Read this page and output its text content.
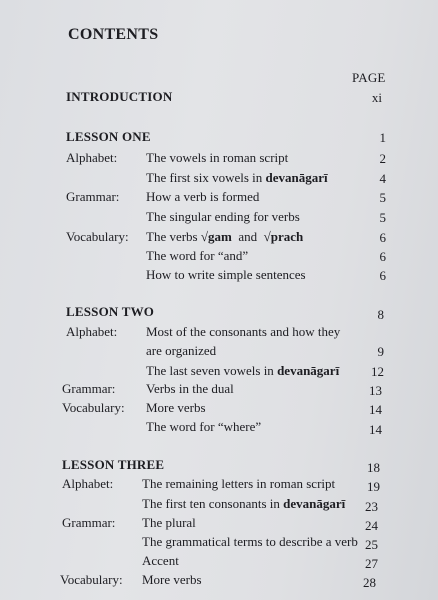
CONTENTS
PAGE
INTRODUCTION	xi
LESSON ONE	1
Alphabet: The vowels in roman script	2
The first six vowels in devanāgarī	4
Grammar: How a verb is formed	5
The singular ending for verbs	5
Vocabulary: The verbs √gam and √prach	6
The word for “and”	6
How to write simple sentences	6
LESSON TWO	8
Alphabet: Most of the consonants and how they
are organized	9
The last seven vowels in devanāgarī	12
Grammar: Verbs in the dual	13
Vocabulary: More verbs	14
The word for “where”	14
LESSON THREE	18
Alphabet: The remaining letters in roman script	19
The first ten consonants in devanāgarī	23
Grammar: The plural	24
The grammatical terms to describe a verb 25
Accent	27
Vocabulary: More verbs	28
